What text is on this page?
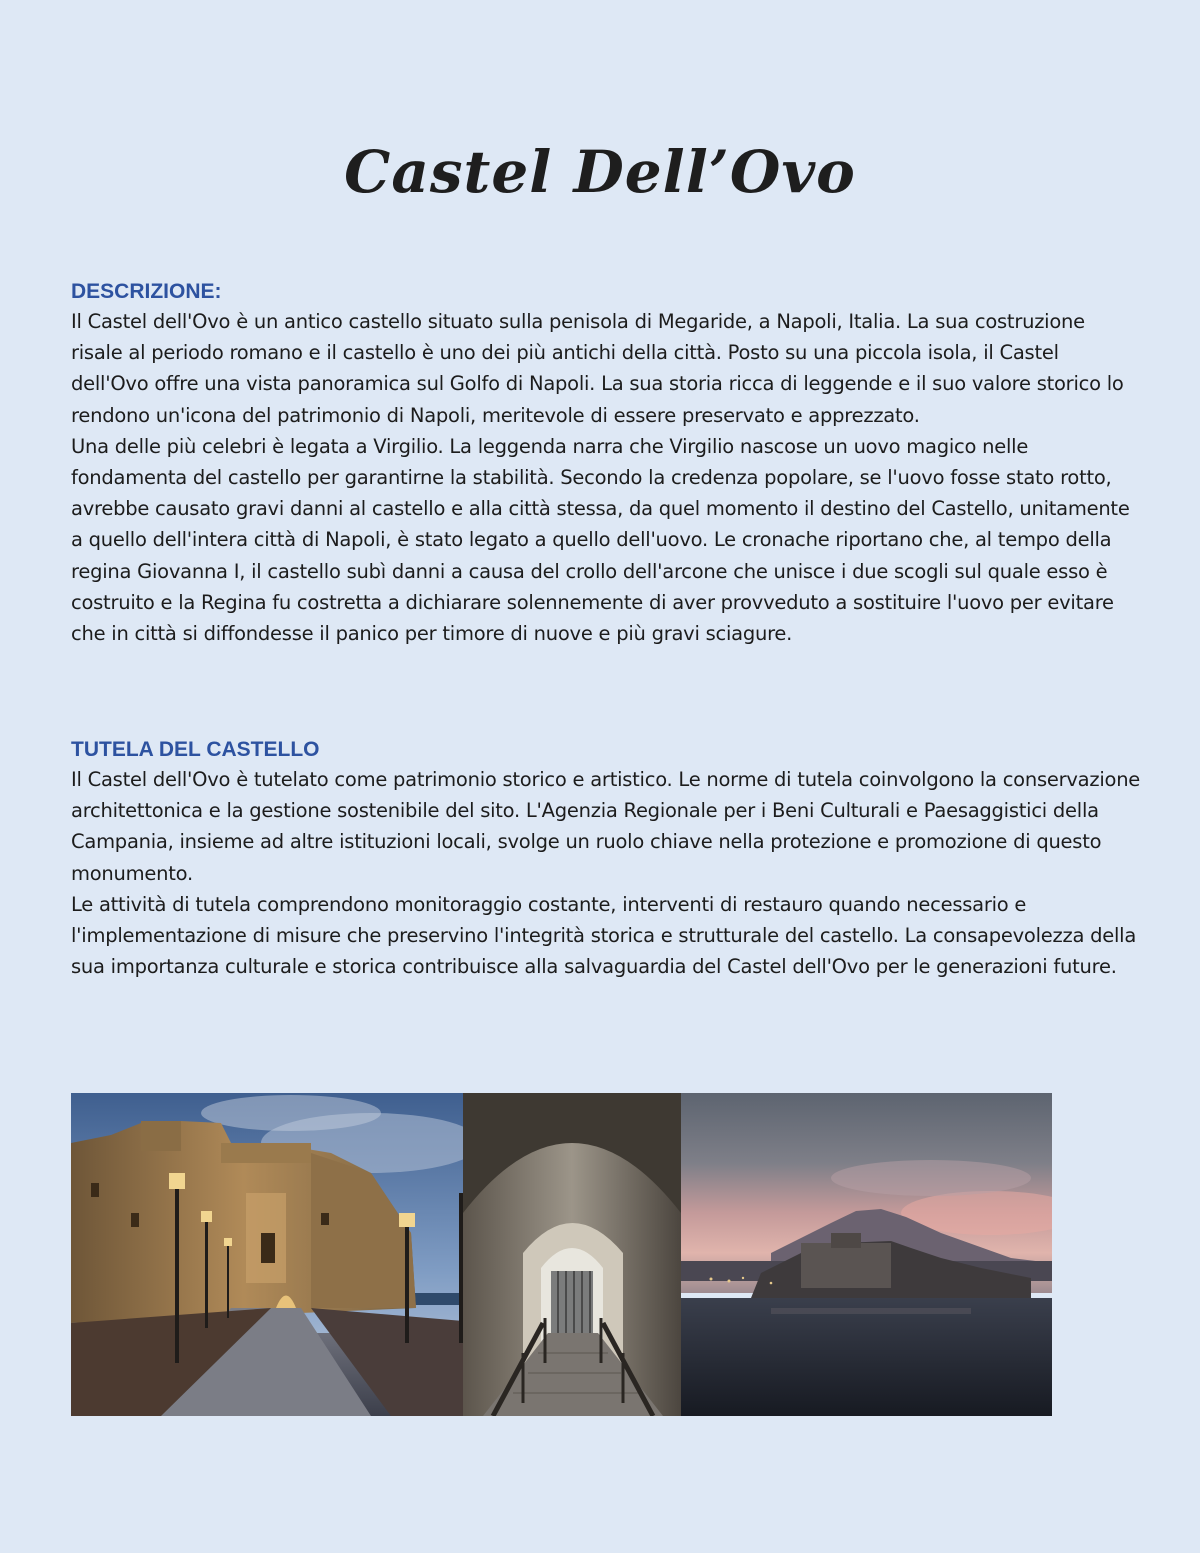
Castel Dell’Ovo

DESCRIZIONE:

Il Castel dell'Ovo è un antico castello situato sulla penisola di Megaride, a Napoli, Italia. La sua costruzione risale al periodo romano e il castello è uno dei più antichi della città. Posto su una piccola isola, il Castel dell'Ovo offre una vista panoramica sul Golfo di Napoli. La sua storia ricca di leggende e il suo valore storico lo rendono un'icona del patrimonio di Napoli, meritevole di essere preservato e apprezzato.

Una delle più celebri è legata a Virgilio. La leggenda narra che Virgilio nascose un uovo magico nelle fondamenta del castello per garantirne la stabilità. Secondo la credenza popolare, se l'uovo fosse stato rotto, avrebbe causato gravi danni al castello e alla città stessa, da quel momento il destino del Castello, unitamente a quello dell'intera città di Napoli, è stato legato a quello dell'uovo. Le cronache riportano che, al tempo della regina Giovanna I, il castello subì danni a causa del crollo dell'arcone che unisce i due scogli sul quale esso è costruito e la Regina fu costretta a dichiarare solennemente di aver provveduto a sostituire l'uovo per evitare che in città si diffondesse il panico per timore di nuove e più gravi sciagure.

TUTELA DEL CASTELLO

Il Castel dell'Ovo è tutelato come patrimonio storico e artistico. Le norme di tutela coinvolgono la conservazione architettonica e la gestione sostenibile del sito. L'Agenzia Regionale per i Beni Culturali e Paesaggistici della Campania, insieme ad altre istituzioni locali, svolge un ruolo chiave nella protezione e promozione di questo monumento.

Le attività di tutela comprendono monitoraggio costante, interventi di restauro quando necessario e l'implementazione di misure che preservino l'integrità storica e strutturale del castello. La consapevolezza della sua importanza culturale e storica contribuisce alla salvaguardia del Castel dell'Ovo per le generazioni future.
